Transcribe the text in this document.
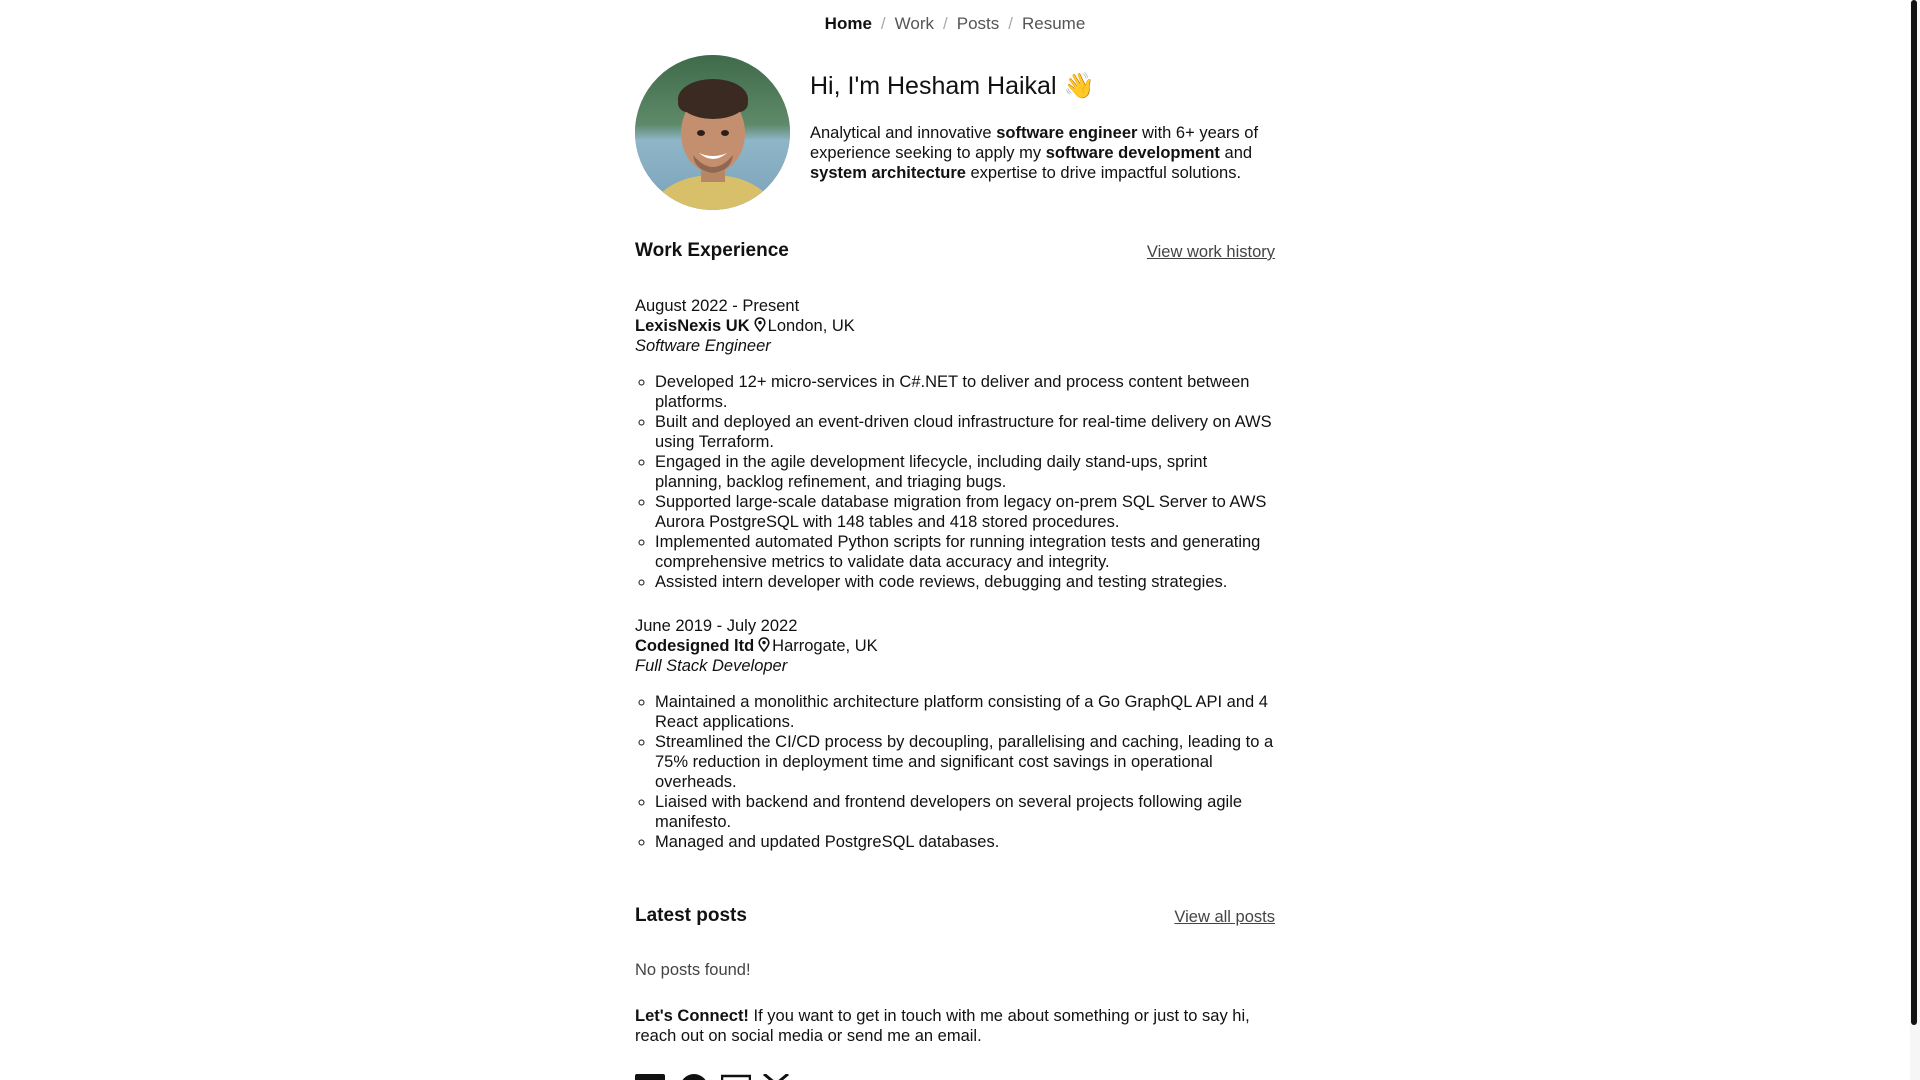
Home / Work / Posts / Resume
Hi, I'm Hesham Haikal 👋

Analytical and innovative software engineer with 6+ years of experience seeking to apply my software development and
system architecture expertise to drive impactful solutions.

Work Experience	View work history
August 2022 - Present
LexisNexis UK London, UK
Software Engineer
◦ Developed 12+ micro-services in C#.NET to deliver and process content between platforms.
◦ Built and deployed an event-driven cloud infrastructure for real-time delivery on AWS using Terraform.
◦ Engaged in the agile development lifecycle, including daily stand-ups, sprint planning, backlog refinement, and triaging bugs.
◦ Supported large-scale database migration from legacy on-prem SQL Server to AWS Aurora PostgreSQL with 148 tables and 418 stored procedures.
◦ Implemented automated Python scripts for running integration tests and generating comprehensive metrics to validate data accuracy and integrity.
◦ Assisted intern developer with code reviews, debugging and testing strategies.
June 2019 - July 2022
Codesigned ltd Harrogate, UK
Full Stack Developer
◦ Maintained a monolithic architecture platform consisting of a Go GraphQL API and 4 React applications.
◦ Streamlined the CI/CD process by decoupling, parallelising and caching, leading to a 75% reduction in deployment time and significant cost savings in operational overheads.
◦ Liaised with backend and frontend developers on several projects following agile manifesto.
◦ Managed and updated PostgreSQL databases.
Latest posts	View all posts
No posts found!

Let's Connect! If you want to get in touch with me about something or just to say hi, reach out on social media or send me an email.
